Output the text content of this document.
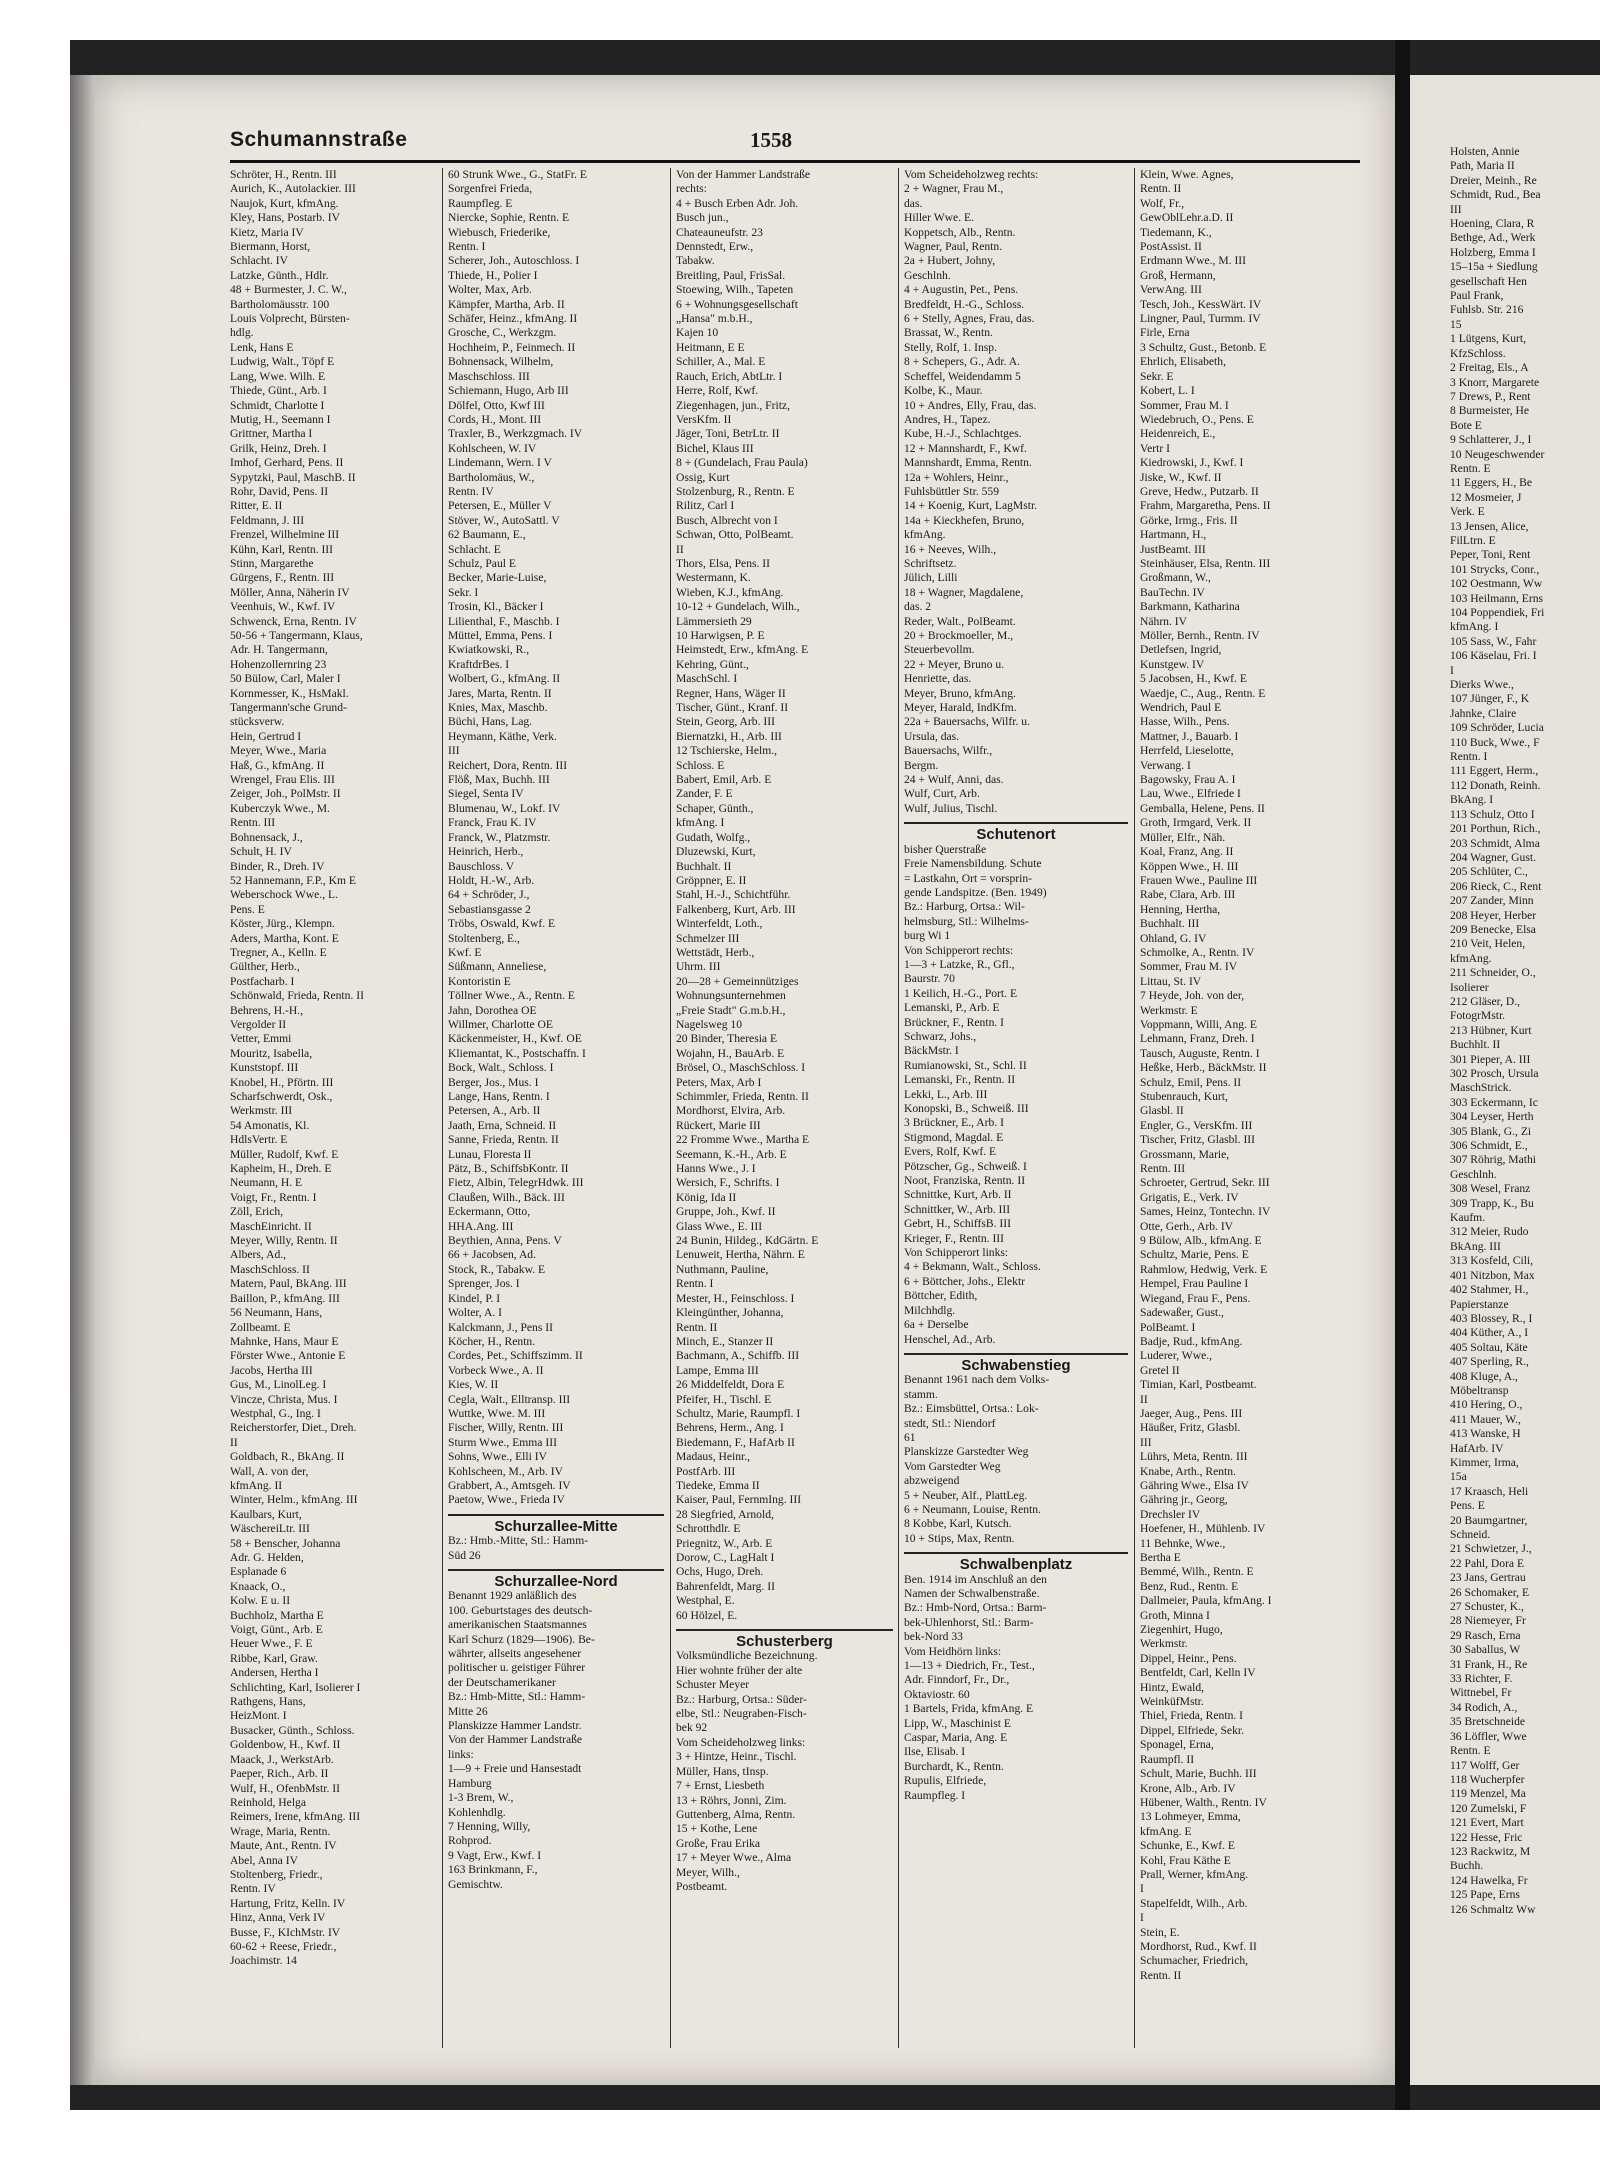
Schumannstraße	1558
Schröter, H., Rentn. III
Aurich, K., Autolackier. III
Naujok, Kurt, kfmAng.
Kley, Hans, Postarb. IV
Kietz, Maria IV
Biermann, Horst,
Schlacht. IV
Latzke, Günth., Hdlr.
48 + Burmester, J. C. W.,
Bartholomäusstr. 100
Louis Volprecht, Bürsten-
hdlg.
Lenk, Hans E
Ludwig, Walt., Töpf E
Lang, Wwe. Wilh. E
Thiede, Günt., Arb. I
Schmidt, Charlotte I
Mutig, H., Seemann I
Grittner, Martha I
Grilk, Heinz, Dreh. I
Imhof, Gerhard, Pens. II
Sypytzki, Paul, MaschB. II
Rohr, David, Pens. II
Ritter, E. II
Feldmann, J. III
Frenzel, Wilhelmine III
Kühn, Karl, Rentn. III
Stinn, Margarethe
Gürgens, F., Rentn. III
Möller, Anna, Näherin IV
Veenhuis, W., Kwf. IV
Schwenck, Erna, Rentn. IV
50-56 + Tangermann, Klaus,
Adr. H. Tangermann,
Hohenzollernring 23
50 Bülow, Carl, Maler I
Kornmesser, K., HsMakl.
Tangermann'sche Grund-
stücksverw.
Hein, Gertrud I
Meyer, Wwe., Maria
Haß, G., kfmAng. II
Wrengel, Frau Elis. III
Zeiger, Joh., PolMstr. II
Kuberczyk Wwe., M.
Rentn. III
Bohnensack, J.,
Schult, H. IV
Binder, R., Dreh. IV
52 Hannemann, F.P., Km E
Weberschock Wwe., L.
Pens. E
Köster, Jürg., Klempn.
Aders, Martha, Kont. E
Tregner, A., Kelln. E
Gülther, Herb.,
Postfacharb. I
Schönwald, Frieda, Rentn. II
Behrens, H.-H.,
Vergolder II
Vetter, Emmi
Mouritz, Isabella,
Kunststopf. III
Knobel, H., Pförtn. III
Scharfschwerdt, Osk.,
Werkmstr. III
54 Amonatis, Kl.
HdlsVertr. E
Müller, Rudolf, Kwf. E
Kapheim, H., Dreh. E
Neumann, H. E
Voigt, Fr., Rentn. I
Zöll, Erich,
MaschEinricht. II
Meyer, Willy, Rentn. II
Albers, Ad.,
MaschSchloss. II
Matern, Paul, BkAng. III
Baillon, P., kfmAng. III
56 Neumann, Hans,
Zollbeamt. E
Mahnke, Hans, Maur E
Förster Wwe., Antonie E
Jacobs, Hertha III
Gus, M., LinolLeg. I
Vincze, Christa, Mus. I
Westphal, G., Ing. I
Reicherstorfer, Diet., Dreh.
II
Goldbach, R., BkAng. II
Wall, A. von der,
kfmAng. II
Winter, Helm., kfmAng. III
Kaulbars, Kurt,
WäschereiLtr. III
58 + Benscher, Johanna
Adr. G. Helden,
Esplanade 6
Knaack, O.,
Kolw. E u. II
Buchholz, Martha E
Voigt, Günt., Arb. E
Heuer Wwe., F. E
Ribbe, Karl, Graw.
Andersen, Hertha I
Schlichting, Karl, Isolierer I
Rathgens, Hans,
HeizMont. I
Busacker, Günth., Schloss.
Goldenbow, H., Kwf. II
Maack, J., WerkstArb.
Paeper, Rich., Arb. II
Wulf, H., OfenbMstr. II
Reinhold, Helga
Reimers, Irene, kfmAng. III
Wrage, Maria, Rentn.
Maute, Ant., Rentn. IV
Abel, Anna IV
Stoltenberg, Friedr.,
Rentn. IV
Hartung, Fritz, Kelln. IV
Hinz, Anna, Verk IV
Busse, F., KIchMstr. IV
60-62 + Reese, Friedr.,
Joachimstr. 14
60 Strunk Wwe., G., StatFr. E
Sorgenfrei Frieda,
Raumpfleg. E
Niercke, Sophie, Rentn. E
Wiebusch, Friederike,
Rentn. I
Scherer, Joh., Autoschloss. I
Thiede, H., Polier I
Wolter, Max, Arb.
Kämpfer, Martha, Arb. II
Schäfer, Heinz., kfmAng. II
Grosche, C., Werkzgm.
Hochheim, P., Feinmech. II
Bohnensack, Wilhelm,
Maschschloss. III
Schiemann, Hugo, Arb III
Dölfel, Otto, Kwf III
Cords, H., Mont. III
Traxler, B., Werkzgmach. IV
Kohlscheen, W. IV
Lindemann, Wern. I V
Bartholomäus, W.,
Rentn. IV
Petersen, E., Müller V
Stöver, W., AutoSattl. V
62 Baumann, E.,
Schlacht. E
Schulz, Paul E
Becker, Marie-Luise,
Sekr. I
Trosin, Kl., Bäcker I
Lilienthal, F., Maschb. I
Müttel, Emma, Pens. I
Kwiatkowski, R.,
KraftdrBes. I
Wolbert, G., kfmAng. II
Jares, Marta, Rentn. II
Knies, Max, Maschb.
Büchi, Hans, Lag.
Heymann, Käthe, Verk.
III
Reichert, Dora, Rentn. III
Flöß, Max, Buchh. III
Siegel, Senta IV
Blumenau, W., Lokf. IV
Franck, Frau K. IV
Franck, W., Platzmstr.
Heinrich, Herb.,
Bauschloss. V
Holdt, H.-W., Arb.
64 + Schröder, J.,
Sebastiansgasse 2
Tröbs, Oswald, Kwf. E
Stoltenberg, E.,
Kwf. E
Süßmann, Anneliese,
Kontoristin E
Töllner Wwe., A., Rentn. E
Jahn, Dorothea OE
Willmer, Charlotte OE
Käckenmeister, H., Kwf. OE
Kliemantat, K., Postschaffn. I
Bock, Walt., Schloss. I
Berger, Jos., Mus. I
Lange, Hans, Rentn. I
Petersen, A., Arb. II
Jaath, Erna, Schneid. II
Sanne, Frieda, Rentn. II
Lunau, Floresta II
Pätz, B., SchiffsbKontr. II
Fietz, Albin, TelegrHdwk. III
Claußen, Wilh., Bäck. III
Eckermann, Otto,
HHA.Ang. III
Beythien, Anna, Pens. V
66 + Jacobsen, Ad.
Stock, R., Tabakw. E
Sprenger, Jos. I
Kindel, P. I
Wolter, A. I
Kalckmann, J., Pens II
Köcher, H., Rentn.
Cordes, Pet., Schiffszimm. II
Vorbeck Wwe., A. II
Kies, W. II
Cegla, Walt., Elltransp. III
Wuttke, Wwe. M. III
Fischer, Willy, Rentn. III
Sturm Wwe., Emma III
Sohns, Wwe., Elli IV
Kohlscheen, M., Arb. IV
Grabbert, A., Amtsgeh. IV
Paetow, Wwe., Frieda IV
Schurzallee-Mitte
Bz.: Hmb.-Mitte, Stl.: Hamm-
Süd 26
Schurzallee-Nord
Benannt 1929 anläßlich des
100. Geburtstages des deutsch-
amerikanischen Staatsmannes
Karl Schurz (1829—1906). Be-
währter, allseits angesehener
politischer u. geistiger Führer
der Deutschamerikaner
Bz.: Hmb-Mitte, Stl.: Hamm-
Mitte 26
Planskizze Hammer Landstr.
Von der Hammer Landstraße
links:
1—9 + Freie und Hansestadt
Hamburg
1-3 Brem, W.,
Kohlenhdlg.
7 Henning, Willy,
Rohprod.
9 Vagt, Erw., Kwf. I
163 Brinkmann, F.,
Gemischtw.
Von der Hammer Landstraße
rechts:
4 + Busch Erben Adr. Joh.
Busch jun.,
Chateaunеufstr. 23
Dennstedt, Erw.,
Tabakw.
Breitling, Paul, FrisSal.
Stoewing, Wilh., Tapeten
6 + Wohnungsgesellschaft
„Hansa" m.b.H.,
Kajen 10
Heitmann, E E
Schiller, A., Mal. E
Rauch, Erich, AbtLtr. I
Herre, Rolf, Kwf.
Ziegenhagen, jun., Fritz,
VersKfm. II
Jäger, Toni, BetrLtr. II
Bichel, Klaus III
8 + (Gundelach, Frau Paula)
Ossig, Kurt
Stolzenburg, R., Rentn. E
Rilitz, Carl I
Busch, Albrecht von I
Schwan, Otto, PolBeamt.
II
Thors, Elsa, Pens. II
Westermann, K.
Wieben, K.J., kfmAng.
10-12 + Gundelach, Wilh.,
Lämmersieth 29
10 Harwigsen, P. E
Heimstedt, Erw., kfmAng. E
Kehring, Günt.,
MaschSchl. I
Regner, Hans, Wäger II
Tischer, Günt., Kranf. II
Stein, Georg, Arb. III
Biernatzki, H., Arb. III
12 Tschierske, Helm.,
Schloss. E
Babert, Emil, Arb. E
Zander, F. E
Schaper, Günth.,
kfmAng. I
Gudath, Wolfg.,
Dluzewski, Kurt,
Buchhalt. II
Gröppner, E. II
Stahl, H.-J., Schichtführ.
Falkenberg, Kurt, Arb. III
Winterfeldt, Loth.,
Schmelzer III
Wettstädt, Herb.,
Uhrm. III
20—28 + Gemeinnütziges
Wohnungsunternehmen
„Freie Stadt" G.m.b.H.,
Nagelsweg 10
20 Binder, Theresia E
Wojahn, H., BauArb. E
Brösel, O., MaschSchloss. I
Peters, Max, Arb I
Schimmler, Frieda, Rentn. II
Mordhorst, Elvira, Arb.
Rückert, Marie III
22 Fromme Wwe., Martha E
Seemann, K.-H., Arb. E
Hanns Wwe., J. I
Wersich, F., Schrifts. I
König, Ida II
Gruppe, Joh., Kwf. II
Glass Wwe., E. III
24 Bunin, Hildeg., KdGärtn. E
Lenuweit, Hertha, Nährn. E
Nuthmann, Pauline,
Rentn. I
Mester, H., Feinschloss. I
Kleingünther, Johanna,
Rentn. II
Minch, E., Stanzer II
Bachmann, A., Schiffb. III
Lampe, Emma III
26 Middelfeldt, Dora E
Pfeifer, H., Tischl. E
Schultz, Marie, Raumpfl. I
Behrens, Herm., Ang. I
Biedemann, F., HafArb II
Madaus, Heinr.,
PostfArb. III
Tiedeke, Emma II
Kaiser, Paul, FernmIng. III
28 Siegfried, Arnold,
Schrotthdlr. E
Priegnitz, W., Arb. E
Dorow, C., LagHalt I
Ochs, Hugo, Dreh.
Bahrenfeldt, Marg. II
Westphal, E.
60 Hölzel, E.
Schusterberg
Volksmündliche Bezeichnung.
Hier wohnte früher der alte
Schuster Meyer
Bz.: Harburg, Ortsa.: Süder-
elbe, Stl.: Neugraben-Fisch-
bek 92
Vom Scheideholzweg links:
3 + Hintze, Heinr., Tischl.
Müller, Hans, tInsp.
7 + Ernst, Liesbeth
13 + Röhrs, Jonni, Zim.
Guttenberg, Alma, Rentn.
15 + Kothe, Lene
Große, Frau Erika
17 + Meyer Wwe., Alma
Meyer, Wilh.,
Postbeamt.
Vom Scheideholzweg rechts:
2 + Wagner, Frau M.,
das.
Hiller Wwe. E.
Koppetsch, Alb., Rentn.
Wagner, Paul, Rentn.
2a + Hubert, Johny,
Geschlnh.
4 + Augustin, Pet., Pens.
Bredfeldt, H.-G., Schloss.
6 + Stelly, Agnes, Frau, das.
Brassat, W., Rentn.
Stelly, Rolf, 1. Insp.
8 + Schepers, G., Adr. A.
Scheffel, Weidendamm 5
Kolbe, K., Maur.
10 + Andres, Elly, Frau, das.
Andres, H., Tapez.
Kube, H.-J., Schlachtges.
12 + Mannshardt, F., Kwf.
Mannshardt, Emma, Rentn.
12a + Wohlers, Heinr.,
Fuhlsbüttler Str. 559
14 + Koenig, Kurt, LagMstr.
14a + Kieckhefen, Bruno,
kfmAng.
16 + Neeves, Wilh.,
Schriftsetz.
Jülich, Lilli
18 + Wagner, Magdalene,
das. 2
Reder, Walt., PolBeamt.
20 + Brockmoeller, M.,
Steuerbevollm.
22 + Meyer, Bruno u.
Henriette, das.
Meyer, Bruno, kfmAng.
Meyer, Harald, IndKfm.
22a + Bauersachs, Wilfr. u.
Ursula, das.
Bauersachs, Wilfr.,
Bergm.
24 + Wulf, Anni, das.
Wulf, Curt, Arb.
Wulf, Julius, Tischl.
Schutenort
bisher Querstraße
Freie Namensbildung. Schute
= Lastkahn, Ort = vorsprin-
gende Landspitze. (Ben. 1949)
Bz.: Harburg, Ortsa.: Wil-
helmsburg, Stl.: Wilhelms-
burg Wi 1
Von Schipperort rechts:
1—3 + Latzke, R., Gfl.,
Baurstr. 70
1 Keilich, H.-G., Port. E
Lemanski, P., Arb. E
Brückner, F., Rentn. I
Schwarz, Johs.,
BäckMstr. I
Rumianowski, St., Schl. II
Lemanski, Fr., Rentn. II
Lekki, L., Arb. III
Konopski, B., Schweiß. III
3 Brückner, E., Arb. I
Stigmond, Magdal. E
Evers, Rolf, Kwf. E
Pötzscher, Gg., Schweiß. I
Noot, Franziska, Rentn. II
Schnittke, Kurt, Arb. II
Schnittker, W., Arb. III
Gebrt, H., SchiffsB. III
Krieger, F., Rentn. III
Von Schipperort links:
4 + Bekmann, Walt., Schloss.
6 + Böttcher, Johs., Elektr
Böttcher, Edith,
Milchhdlg.
6a + Derselbe
Henschel, Ad., Arb.
Schwabenstieg
Benannt 1961 nach dem Volks-
stamm.
Bz.: Eimsbüttel, Ortsa.: Lok-
stedt, Stl.: Niendorf
61
Planskizze Garstedter Weg
Vom Garstedter Weg
abzweigend
5 + Neuber, Alf., PlattLeg.
6 + Neumann, Louise, Rentn.
8 Kobbe, Karl, Kutsch.
10 + Stips, Max, Rentn.
Schwalbenplatz
Ben. 1914 im Anschluß an den
Namen der Schwalbenstraße.
Bz.: Hmb-Nord, Ortsa.: Barm-
bek-Uhlenhorst, Stl.: Barm-
bek-Nord 33
Vom Heidhörn links:
1—13 + Diedrich, Fr., Test.,
Adr. Finndorf, Fr., Dr.,
Oktaviostr. 60
1 Bartels, Frida, kfmAng. E
Lipp, W., Maschinist E
Caspar, Maria, Ang. E
Ilse, Elisab. I
Burchardt, K., Rentn.
Rupulis, Elfriede,
Raumpfleg. I
Klein, Wwe. Agnes,
Rentn. II
Wolf, Fr.,
GewOblLehr.a.D. II
Tiedemann, K.,
PostAssist. II
Erdmann Wwe., M. III
Groß, Hermann,
VerwAng. III
Tesch, Joh., KessWärt. IV
Lingner, Paul, Turmm. IV
Firle, Erna
3 Schultz, Gust., Betonb. E
Ehrlich, Elisabeth,
Sekr. E
Kobert, L. I
Sommer, Frau M. I
Wiedebruch, O., Pens. E
Heidenreich, E.,
Vertr I
Kiedrowski, J., Kwf. I
Jiske, W., Kwf. II
Greve, Hedw., Putzarb. II
Frahm, Margaretha, Pens. II
Görke, Irmg., Fris. II
Hartmann, H.,
JustBeamt. III
Steinhäuser, Elsa, Rentn. III
Großmann, W.,
BauTechn. IV
Barkmann, Katharina
Nährn. IV
Möller, Bernh., Rentn. IV
Detlefsen, Ingrid,
Kunstgew. IV
5 Jacobsen, H., Kwf. E
Waedje, C., Aug., Rentn. E
Wendrich, Paul E
Hasse, Wilh., Pens.
Mattner, J., Bauarb. I
Herrfeld, Lieselotte,
Verwang. I
Bagowsky, Frau A. I
Lau, Wwe., Elfriede I
Gemballa, Helene, Pens. II
Groth, Irmgard, Verk. II
Müller, Elfr., Näh.
Koal, Franz, Ang. II
Köppen Wwe., H. III
Frauen Wwe., Pauline III
Rabe, Clara, Arb. III
Henning, Hertha,
Buchhalt. III
Ohland, G. IV
Schmolke, A., Rentn. IV
Sommer, Frau M. IV
Littau, St. IV
7 Heyde, Joh. von der,
Werkmstr. E
Voppmann, Willi, Ang. E
Lehmann, Franz, Dreh. I
Tausch, Auguste, Rentn. I
Heßke, Herb., BäckMstr. II
Schulz, Emil, Pens. II
Stubenrauch, Kurt,
Glasbl. II
Engler, G., VersKfm. III
Tischer, Fritz, Glasbl. III
Grossmann, Marie,
Rentn. III
Schroeter, Gertrud, Sekr. III
Grigatis, E., Verk. IV
Sames, Heinz, Tontechn. IV
Otte, Gerh., Arb. IV
9 Bülow, Alb., kfmAng. E
Schultz, Marie, Pens. E
Rahmlow, Hedwig, Verk. E
Hempel, Frau Pauline I
Wiegand, Frau F., Pens.
Sadewaßer, Gust.,
PolBeamt. I
Badje, Rud., kfmAng.
Luderer, Wwe.,
Gretel II
Timian, Karl, Postbeamt.
II
Jaeger, Aug., Pens. III
Häußer, Fritz, Glasbl.
III
Lührs, Meta, Rentn. III
Knabe, Arth., Rentn.
Gähring Wwe., Elsa IV
Gähring jr., Georg,
Drechsler IV
Hoefener, H., Mühlenb. IV
11 Behnke, Wwe.,
Bertha E
Bemmé, Wilh., Rentn. E
Benz, Rud., Rentn. E
Dallmeier, Paula, kfmAng. I
Groth, Minna I
Ziegenhirt, Hugo,
Werkmstr.
Dippel, Heinr., Pens.
Bentfeldt, Carl, Kelln IV
Hintz, Ewald,
WeinküfMstr.
Thiel, Frieda, Rentn. I
Dippel, Elfriede, Sekr.
Sponagel, Erna,
Raumpfl. II
Schult, Marie, Buchh. III
Krone, Alb., Arb. IV
Hübener, Walth., Rentn. IV
13 Lohmeyer, Emma,
kfmAng. E
Schunke, E., Kwf. E
Kohl, Frau Käthe E
Prall, Werner, kfmAng.
I
Stapelfeldt, Wilh., Arb.
I
Stein, E.
Mordhorst, Rud., Kwf. II
Schumacher, Friedrich,
Rentn. II
Holsten, Annie
Path, Maria II
Dreier, Meinh., Re
Schmidt, Rud., Bea
III
Hoening, Clara, R
Bethge, Ad., Werk
Holzberg, Emma I
15–15a + Siedlung
gesellschaft Hen
Paul Frank,
Fuhlsb. Str. 216
15
1 Lütgens, Kurt,
KfzSchloss.
2 Freitag, Els., A
3 Knorr, Margarete
7 Drews, P., Rent
8 Burmeister, He
Bote E
9 Schlatterer, J., I
10 Neugeschwender
Rentn. E
11 Eggers, H., Be
12 Mosmeier, J
Verk. E
13 Jensen, Alice,
FilLtrn. E
Peper, Toni, Rent
101 Strycks, Conr.,
102 Oestmann, Ww
103 Heilmann, Erns
104 Poppendiek, Fri
kfmAng. I
105 Sass, W., Fahr
106 Käselau, Fri. I
I
Dierks Wwe.,
107 Jünger, F., K
Jahnke, Claire
109 Schröder, Lucia
110 Buck, Wwe., F
Rentn. I
111 Eggert, Herm.,
112 Donath, Reinh.
BkAng. I
113 Schulz, Otto I
201 Porthun, Rich.,
203 Schmidt, Alma
204 Wagner, Gust.
205 Schlüter, C.,
206 Rieck, C., Rent
207 Zander, Minn
208 Heyer, Herber
209 Benecke, Elsa
210 Veit, Helen,
kfmAng.
211 Schneider, O.,
Isolierer
212 Gläser, D.,
FotogrMstr.
213 Hübner, Kurt
Buchhlt. II
301 Pieper, A. III
302 Prosch, Ursula
MaschStrick.
303 Eckermann, Ic
304 Leyser, Herth
305 Blank, G., Zi
306 Schmidt, E.,
307 Röhrig, Mathi
Geschlnh.
308 Wesel, Franz
309 Trapp, K., Bu
Kaufm.
312 Meier, Rudo
BkAng. III
313 Kosfeld, Cili,
401 Nitzbon, Max
402 Stahmer, H.,
Papierstanze
403 Blossey, R., I
404 Küther, A., I
405 Soltau, Käte
407 Sperling, R.,
408 Kluge, A.,
Möbeltransp
410 Hering, O.,
411 Mauer, W.,
413 Wanske, H
HafArb. IV
Kimmer, Irma,
15a
17 Kraasch, Heli
Pens. E
20 Baumgartner,
Schneid.
21 Schwietzer, J.,
22 Pahl, Dora E
23 Jans, Gertrau
26 Schomaker, E
27 Schuster, K.,
28 Niemeyer, Fr
29 Rasch, Erna
30 Saballus, W
31 Frank, H., Re
33 Richter, F.
Wittnebel, Fr
34 Rodich, A.,
35 Bretschneide
36 Löffler, Wwe
Rentn. E
117 Wolff, Ger
118 Wucherpfer
119 Menzel, Ma
120 Zumelski, F
121 Evert, Mart
122 Hesse, Fric
123 Rackwitz, M
Buchh.
124 Hawelka, Fr
125 Pape, Erns
126 Schmaltz Ww
